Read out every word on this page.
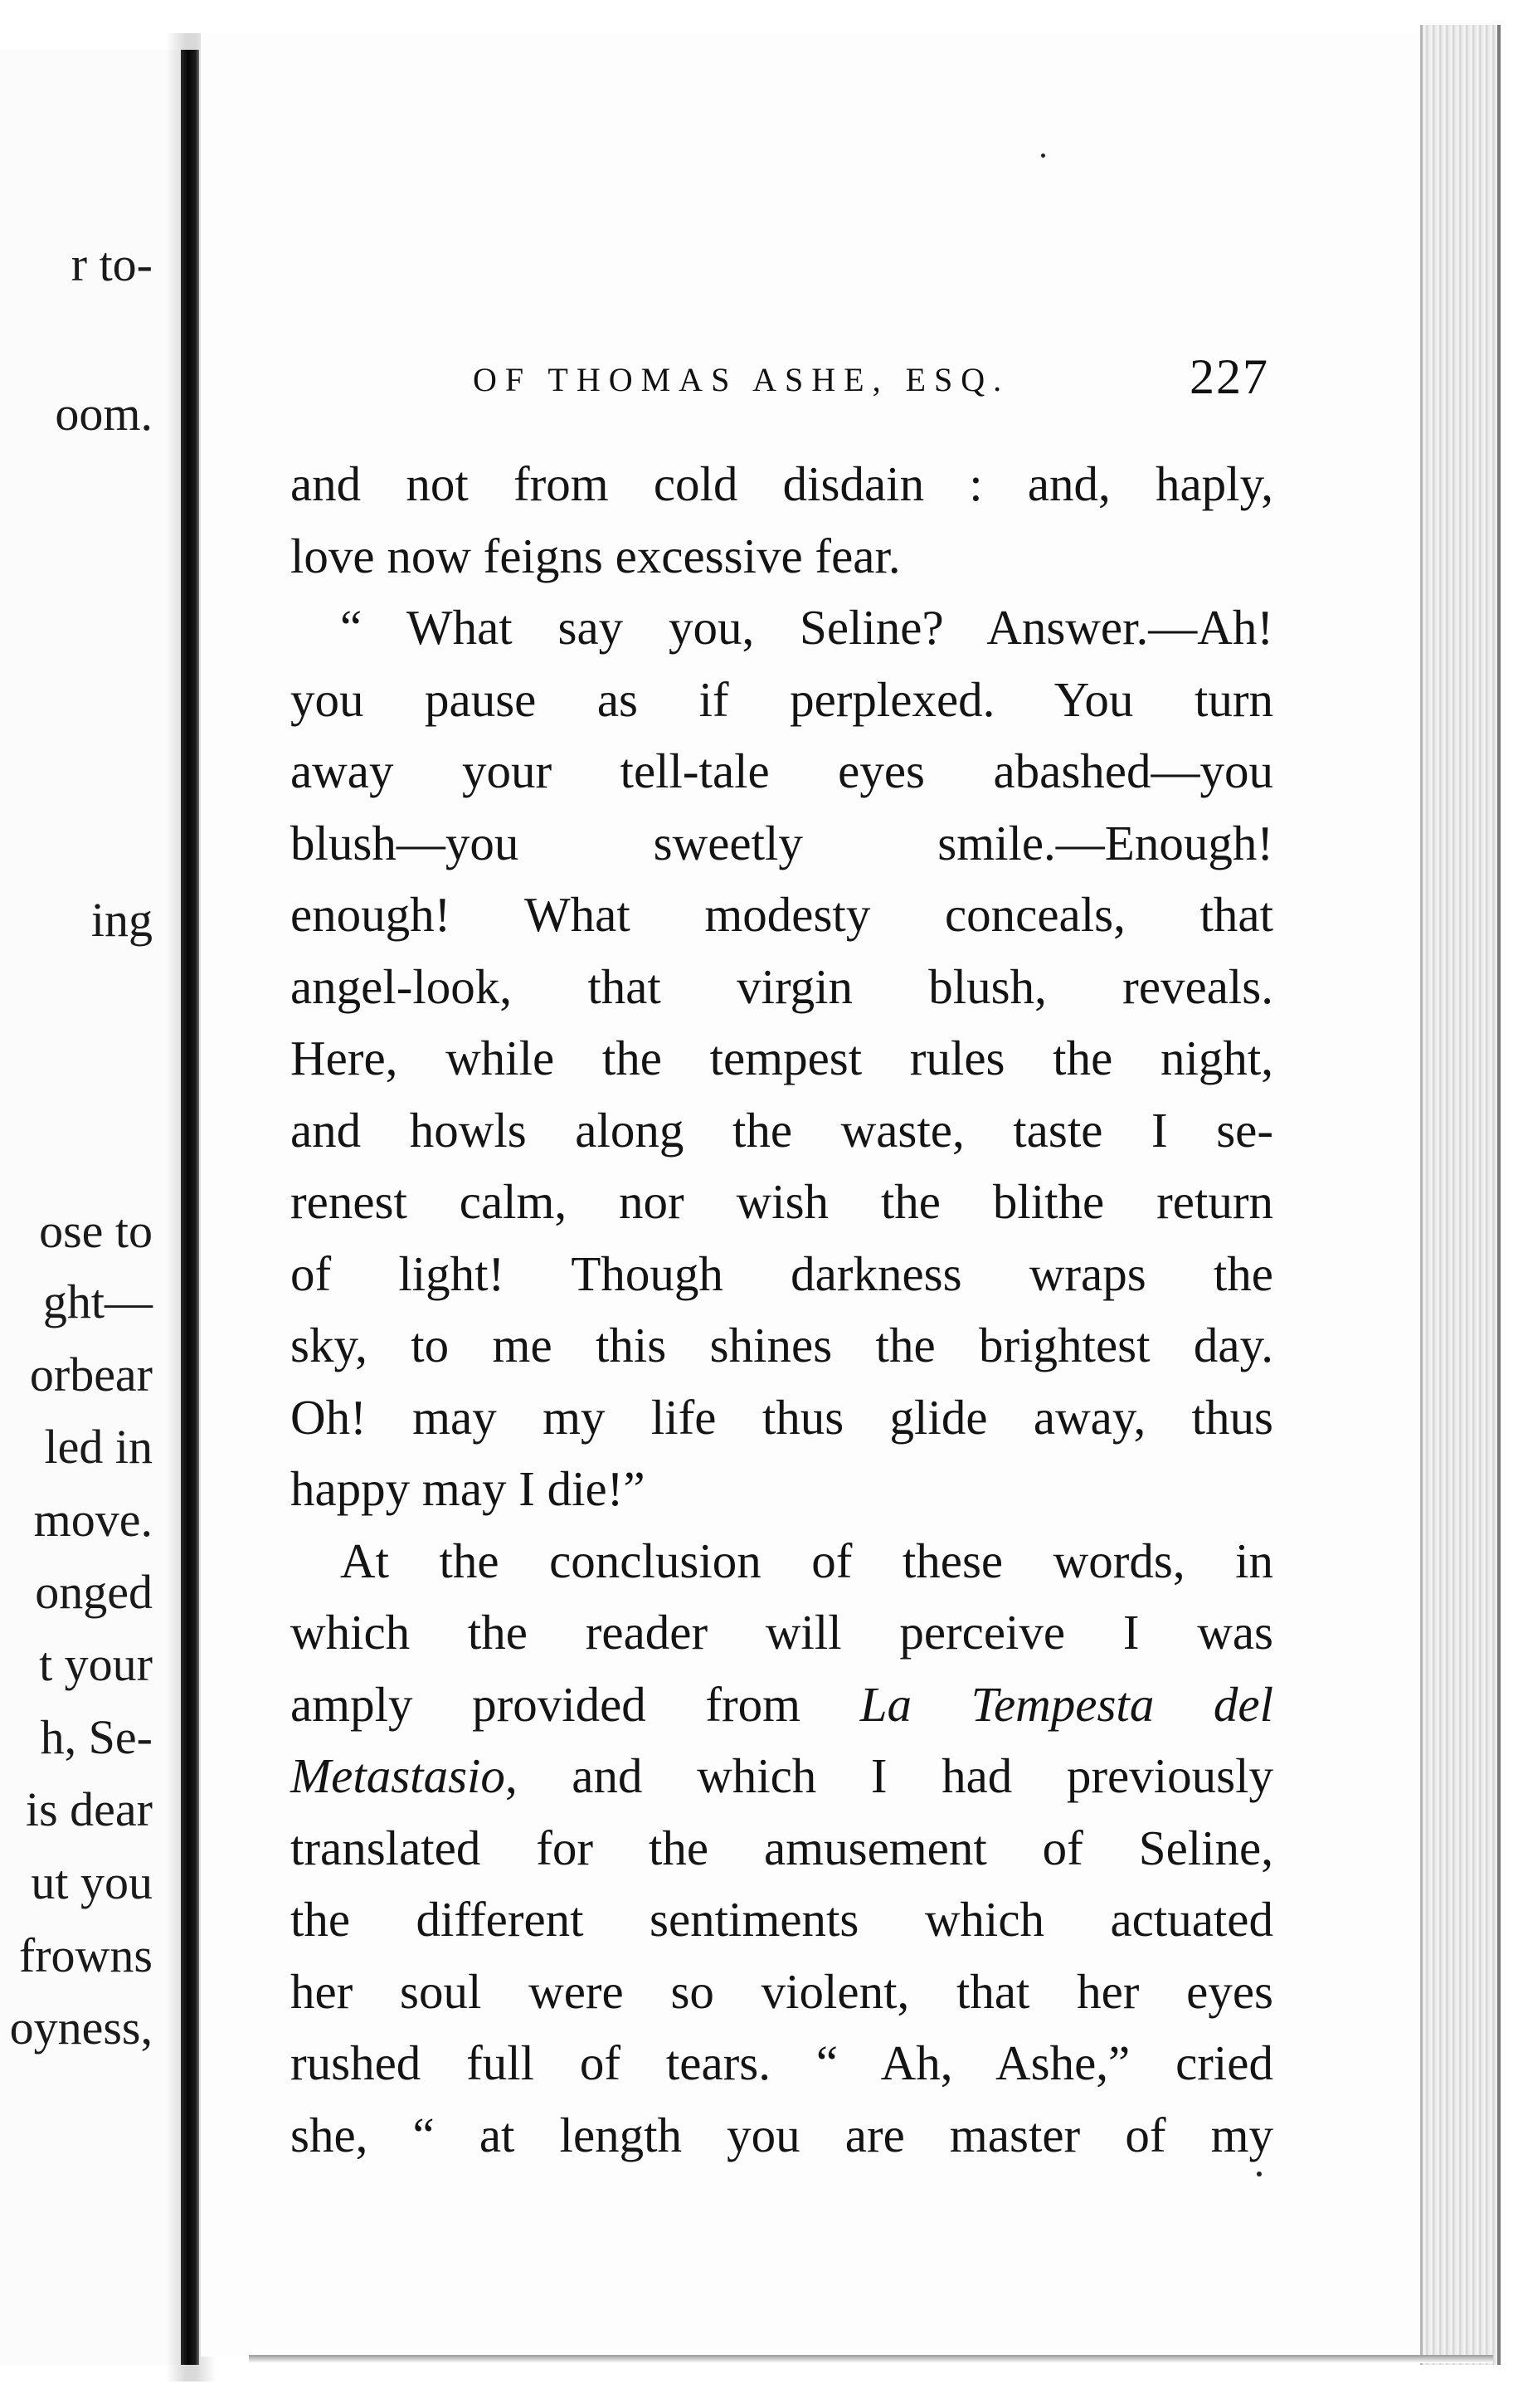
r to-
oom.
ing
ose to
ght—
orbear
led in
move.
onged
t your
h, Se-
is dear
ut you
frowns
oyness,
OF THOMAS ASHE, ESQ.	227
and not from cold disdain : and, haply,
love now feigns excessive fear.
“ What say you, Seline? Answer.—Ah!
you pause as if perplexed. You turn
away your tell-tale eyes abashed—you
blush—you sweetly smile.—Enough!
enough! What modesty conceals, that
angel-look, that virgin blush, reveals.
Here, while the tempest rules the night,
and howls along the waste, taste I se-
renest calm, nor wish the blithe return
of light! Though darkness wraps the
sky, to me this shines the brightest day.
Oh! may my life thus glide away, thus
happy may I die!”
At the conclusion of these words, in
which the reader will perceive I was
amply provided from La Tempesta del
Metastasio, and which I had previously
translated for the amusement of Seline,
the different sentiments which actuated
her soul were so violent, that her eyes
rushed full of tears. “ Ah, Ashe,” cried
she, “ at length you are master of my
